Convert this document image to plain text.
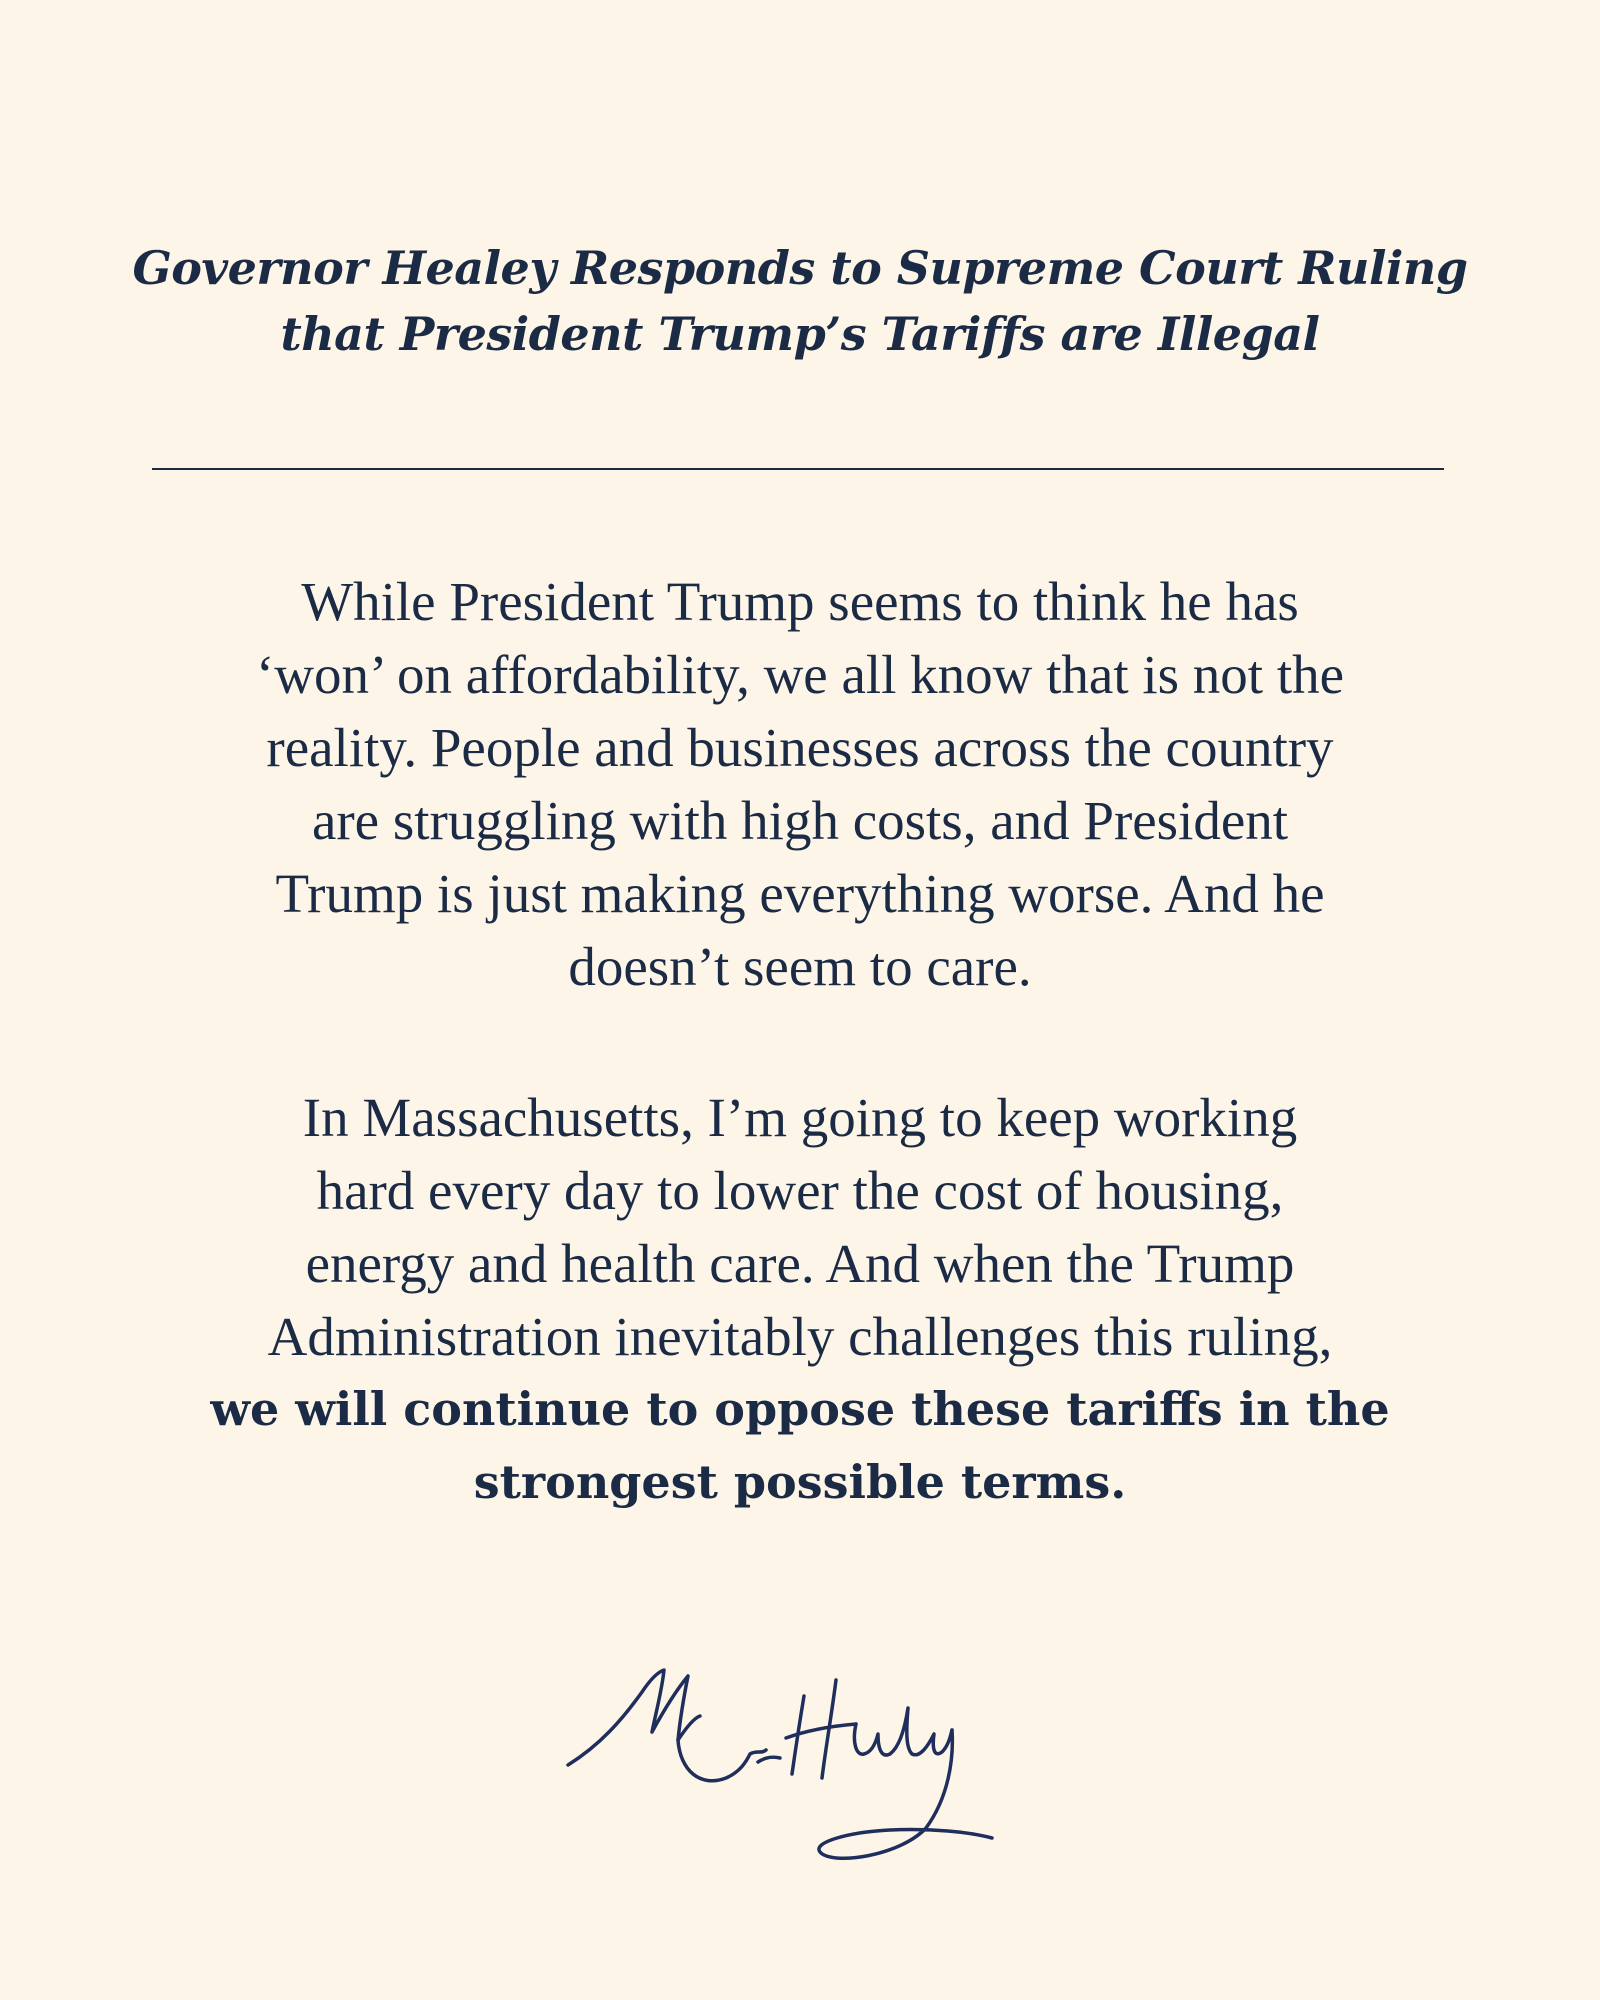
Governor Healey Responds to Supreme Court Ruling
that President Trump’s Tariffs are Illegal

While President Trump seems to think he has
‘won’ on affordability, we all know that is not the
reality. People and businesses across the country
are struggling with high costs, and President
Trump is just making everything worse. And he
doesn’t seem to care.

In Massachusetts, I’m going to keep working
hard every day to lower the cost of housing,
energy and health care. And when the Trump
Administration inevitably challenges this ruling,
we will continue to oppose these tariffs in the
strongest possible terms.
